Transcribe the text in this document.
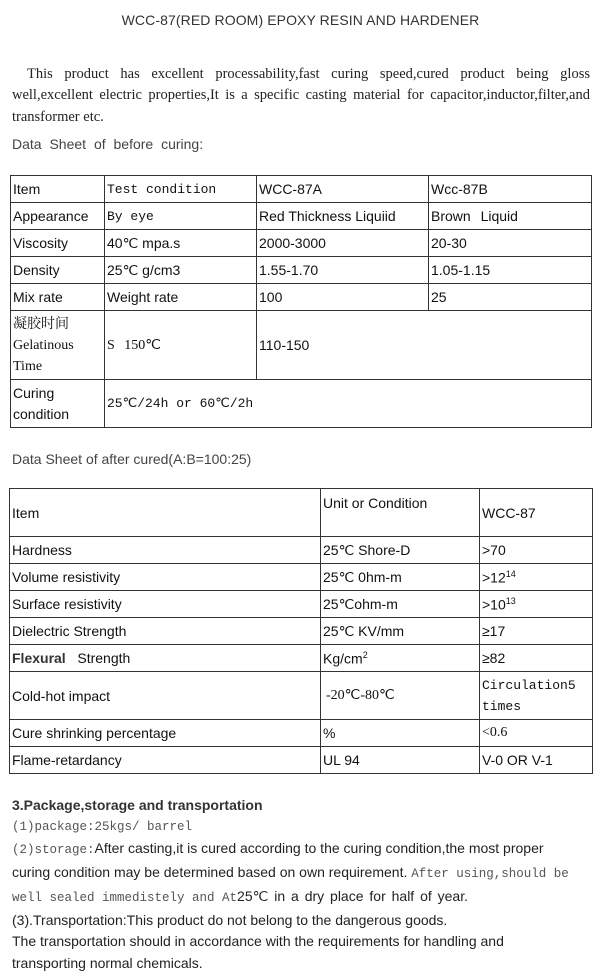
WCC-87(RED ROOM) EPOXY RESIN AND HARDENER

This product has excellent processability,fast curing speed,cured product being gloss well,excellent electric properties,It is a specific casting material for capacitor,inductor,filter,and transformer etc.

Data Sheet of before curing:
Item	Test condition	WCC-87A	Wcc-87B
Appearance	By eye	Red Thickness Liquiid	Brown Liquid
Viscosity	40℃ mpa.s	2000-3000	20-30
Density	25℃ g/cm3	1.55-1.70	1.05-1.15
Mix rate	Weight rate	100	25

凝胶时间
Gelatinous
Time	S 150℃	110-150	

Curing
condition	25℃/24h or 60℃/2h		
Data Sheet of after cured(A:B=100:25)
Item	Unit or Condition	WCC-87
Hardness	25℃ Shore-D	>70
Volume resistivity	25℃ 0hm-m	$>12^{14}$
Surface resistivity	25℃ohm-m	$>10^{13}$
Dielectric Strength	25℃ KV/mm	≥17
Flexural Strength	$Kg/cm^2$	≥82
Cold-hot impact	-20℃-80℃	Circulation5
times

Cure shrinking percentage	%	<0.6
Flame-retardancy	UL 94	V-0 OR V-1
3.Package,storage and transportation
(1)package:25kgs/ barrel
(2)storage:After casting,it is cured according to the curing condition,the most proper
curing condition may be determined based on own requirement. After using,should be
well sealed immedistely and At25℃ in a dry place for half of year.
(3).Transportation:This product do not belong to the dangerous goods.
The transportation should in accordance with the requirements for handling and
transporting normal chemicals.
